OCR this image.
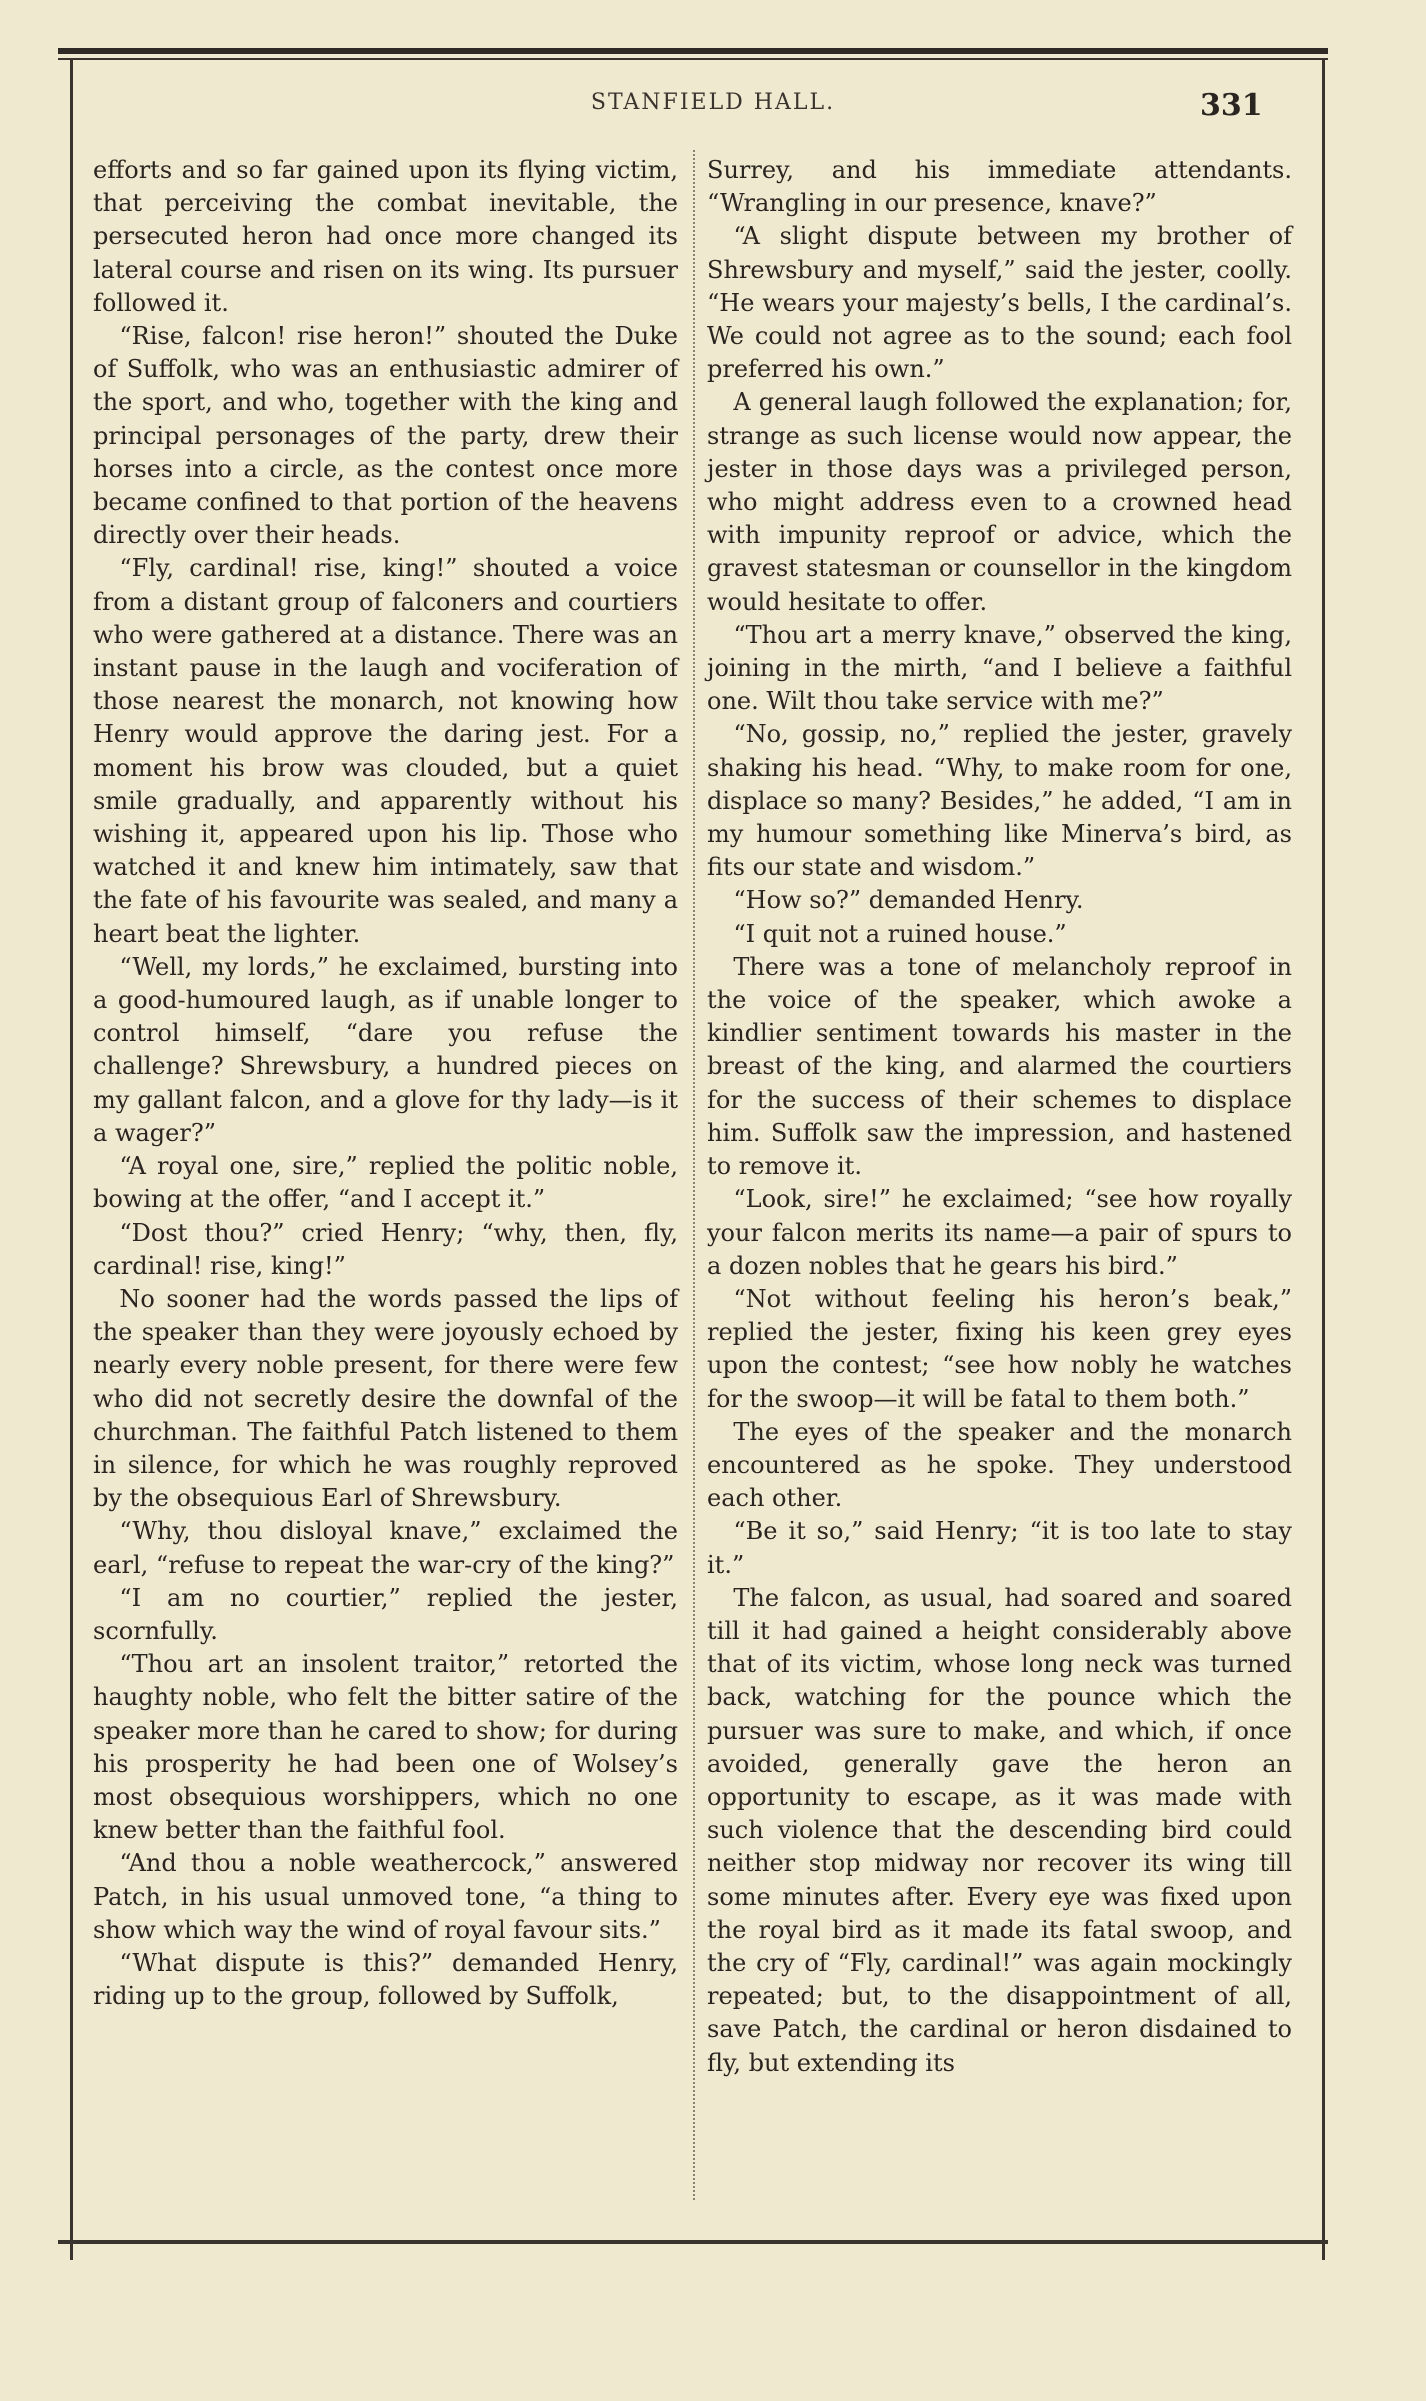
STANFIELD HALL.	331

efforts and so far gained upon its flying victim, that perceiving the combat inevitable, the persecuted heron had once more changed its lateral course and risen on its wing. Its pursuer followed it.

“Rise, falcon! rise heron!” shouted the Duke of Suffolk, who was an enthusiastic admirer of the sport, and who, together with the king and principal personages of the party, drew their horses into a circle, as the contest once more became confined to that portion of the heavens directly over their heads.

“Fly, cardinal! rise, king!” shouted a voice from a distant group of falconers and courtiers who were gathered at a distance. There was an instant pause in the laugh and vociferation of those nearest the monarch, not knowing how Henry would approve the daring jest. For a moment his brow was clouded, but a quiet smile gradually, and apparently without his wishing it, appeared upon his lip. Those who watched it and knew him intimately, saw that the fate of his favourite was sealed, and many a heart beat the lighter.

“Well, my lords,” he exclaimed, bursting into a good-humoured laugh, as if unable longer to control himself, “dare you refuse the challenge? Shrewsbury, a hundred pieces on my gallant falcon, and a glove for thy lady—is it a wager?”

“A royal one, sire,” replied the politic noble, bowing at the offer, “and I accept it.”

“Dost thou?” cried Henry; “why, then, fly, cardinal! rise, king!”

No sooner had the words passed the lips of the speaker than they were joyously echoed by nearly every noble present, for there were few who did not secretly desire the downfal of the churchman. The faithful Patch listened to them in silence, for which he was roughly reproved by the obsequious Earl of Shrewsbury.

“Why, thou disloyal knave,” exclaimed the earl, “refuse to repeat the war-cry of the king?”

“I am no courtier,” replied the jester, scornfully.

“Thou art an insolent traitor,” retorted the haughty noble, who felt the bitter satire of the speaker more than he cared to show; for during his prosperity he had been one of Wolsey’s most obsequious worshippers, which no one knew better than the faithful fool.

“And thou a noble weathercock,” answered Patch, in his usual unmoved tone, “a thing to show which way the wind of royal favour sits.”

“What dispute is this?” demanded Henry, riding up to the group, followed by Suffolk,

Surrey, and his immediate attendants. “Wrangling in our presence, knave?”

“A slight dispute between my brother of Shrewsbury and myself,” said the jester, coolly. “He wears your majesty’s bells, I the cardinal’s. We could not agree as to the sound; each fool preferred his own.”

A general laugh followed the explanation; for, strange as such license would now appear, the jester in those days was a privileged person, who might address even to a crowned head with impunity reproof or advice, which the gravest statesman or counsellor in the kingdom would hesitate to offer.

“Thou art a merry knave,” observed the king, joining in the mirth, “and I believe a faithful one. Wilt thou take service with me?”

“No, gossip, no,” replied the jester, gravely shaking his head. “Why, to make room for one, displace so many? Besides,” he added, “I am in my humour something like Minerva’s bird, as fits our state and wisdom.”

“How so?” demanded Henry.

“I quit not a ruined house.”

There was a tone of melancholy reproof in the voice of the speaker, which awoke a kindlier sentiment towards his master in the breast of the king, and alarmed the courtiers for the success of their schemes to displace him. Suffolk saw the impression, and hastened to remove it.

“Look, sire!” he exclaimed; “see how royally your falcon merits its name—a pair of spurs to a dozen nobles that he gears his bird.”

“Not without feeling his heron’s beak,” replied the jester, fixing his keen grey eyes upon the contest; “see how nobly he watches for the swoop—it will be fatal to them both.”

The eyes of the speaker and the monarch encountered as he spoke. They understood each other.

“Be it so,” said Henry; “it is too late to stay it.”

The falcon, as usual, had soared and soared till it had gained a height considerably above that of its victim, whose long neck was turned back, watching for the pounce which the pursuer was sure to make, and which, if once avoided, generally gave the heron an opportunity to escape, as it was made with such violence that the descending bird could neither stop midway nor recover its wing till some minutes after. Every eye was fixed upon the royal bird as it made its fatal swoop, and the cry of “Fly, cardinal!” was again mockingly repeated; but, to the disappointment of all, save Patch, the cardinal or heron disdained to fly, but extending its
